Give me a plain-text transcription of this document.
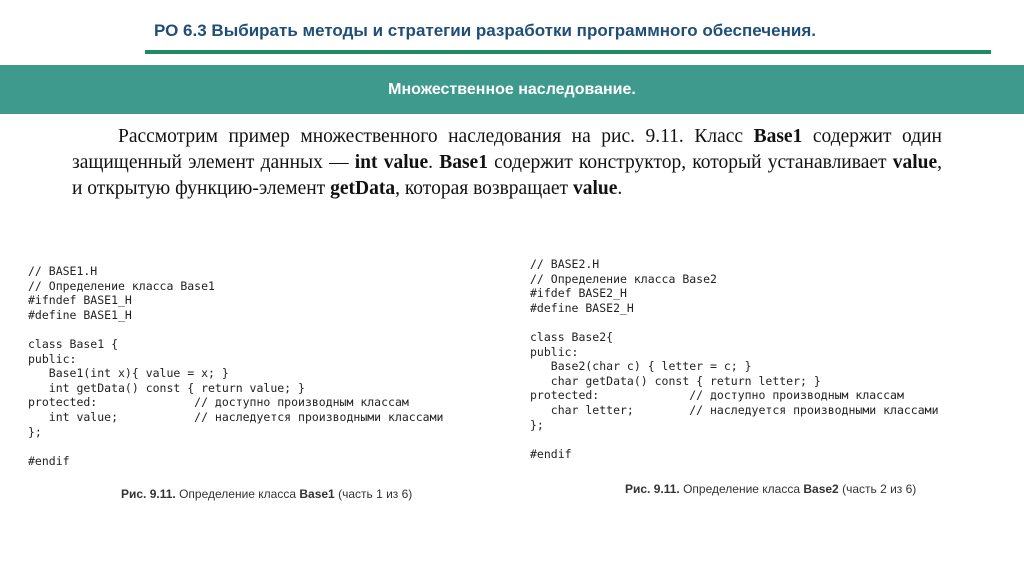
РО 6.3 Выбирать методы и стратегии разработки программного обеспечения.
Множественное наследование.
Рассмотрим пример множественного наследования на рис. 9.11. Класс Base1 содержит один защищенный элемент данных — int value. Base1 содержит конструктор, который устанавливает value, и открытую функцию-элемент getData, которая возвращает value.
// BASE1.H
// Определение класса Base1
#ifndef BASE1_H
#define BASE1_H

class Base1 {
public:
Base1(int x){ value = x; }
int getData() const { return value; }
protected:              // доступно производным классам
int value;           // наследуется производными классами
};

#endif
// BASE2.H
// Определение класса Base2
#ifdef BASE2_H
#define BASE2_H

class Base2{
public:
Base2(char c) { letter = c; }
char getData() const { return letter; }
protected:             // доступно производным классам
char letter;        // наследуется производными классами
};

#endif
Рис. 9.11. Определение класса Base1 (часть 1 из 6)	Рис. 9.11. Определение класса Base2 (часть 2 из 6)
